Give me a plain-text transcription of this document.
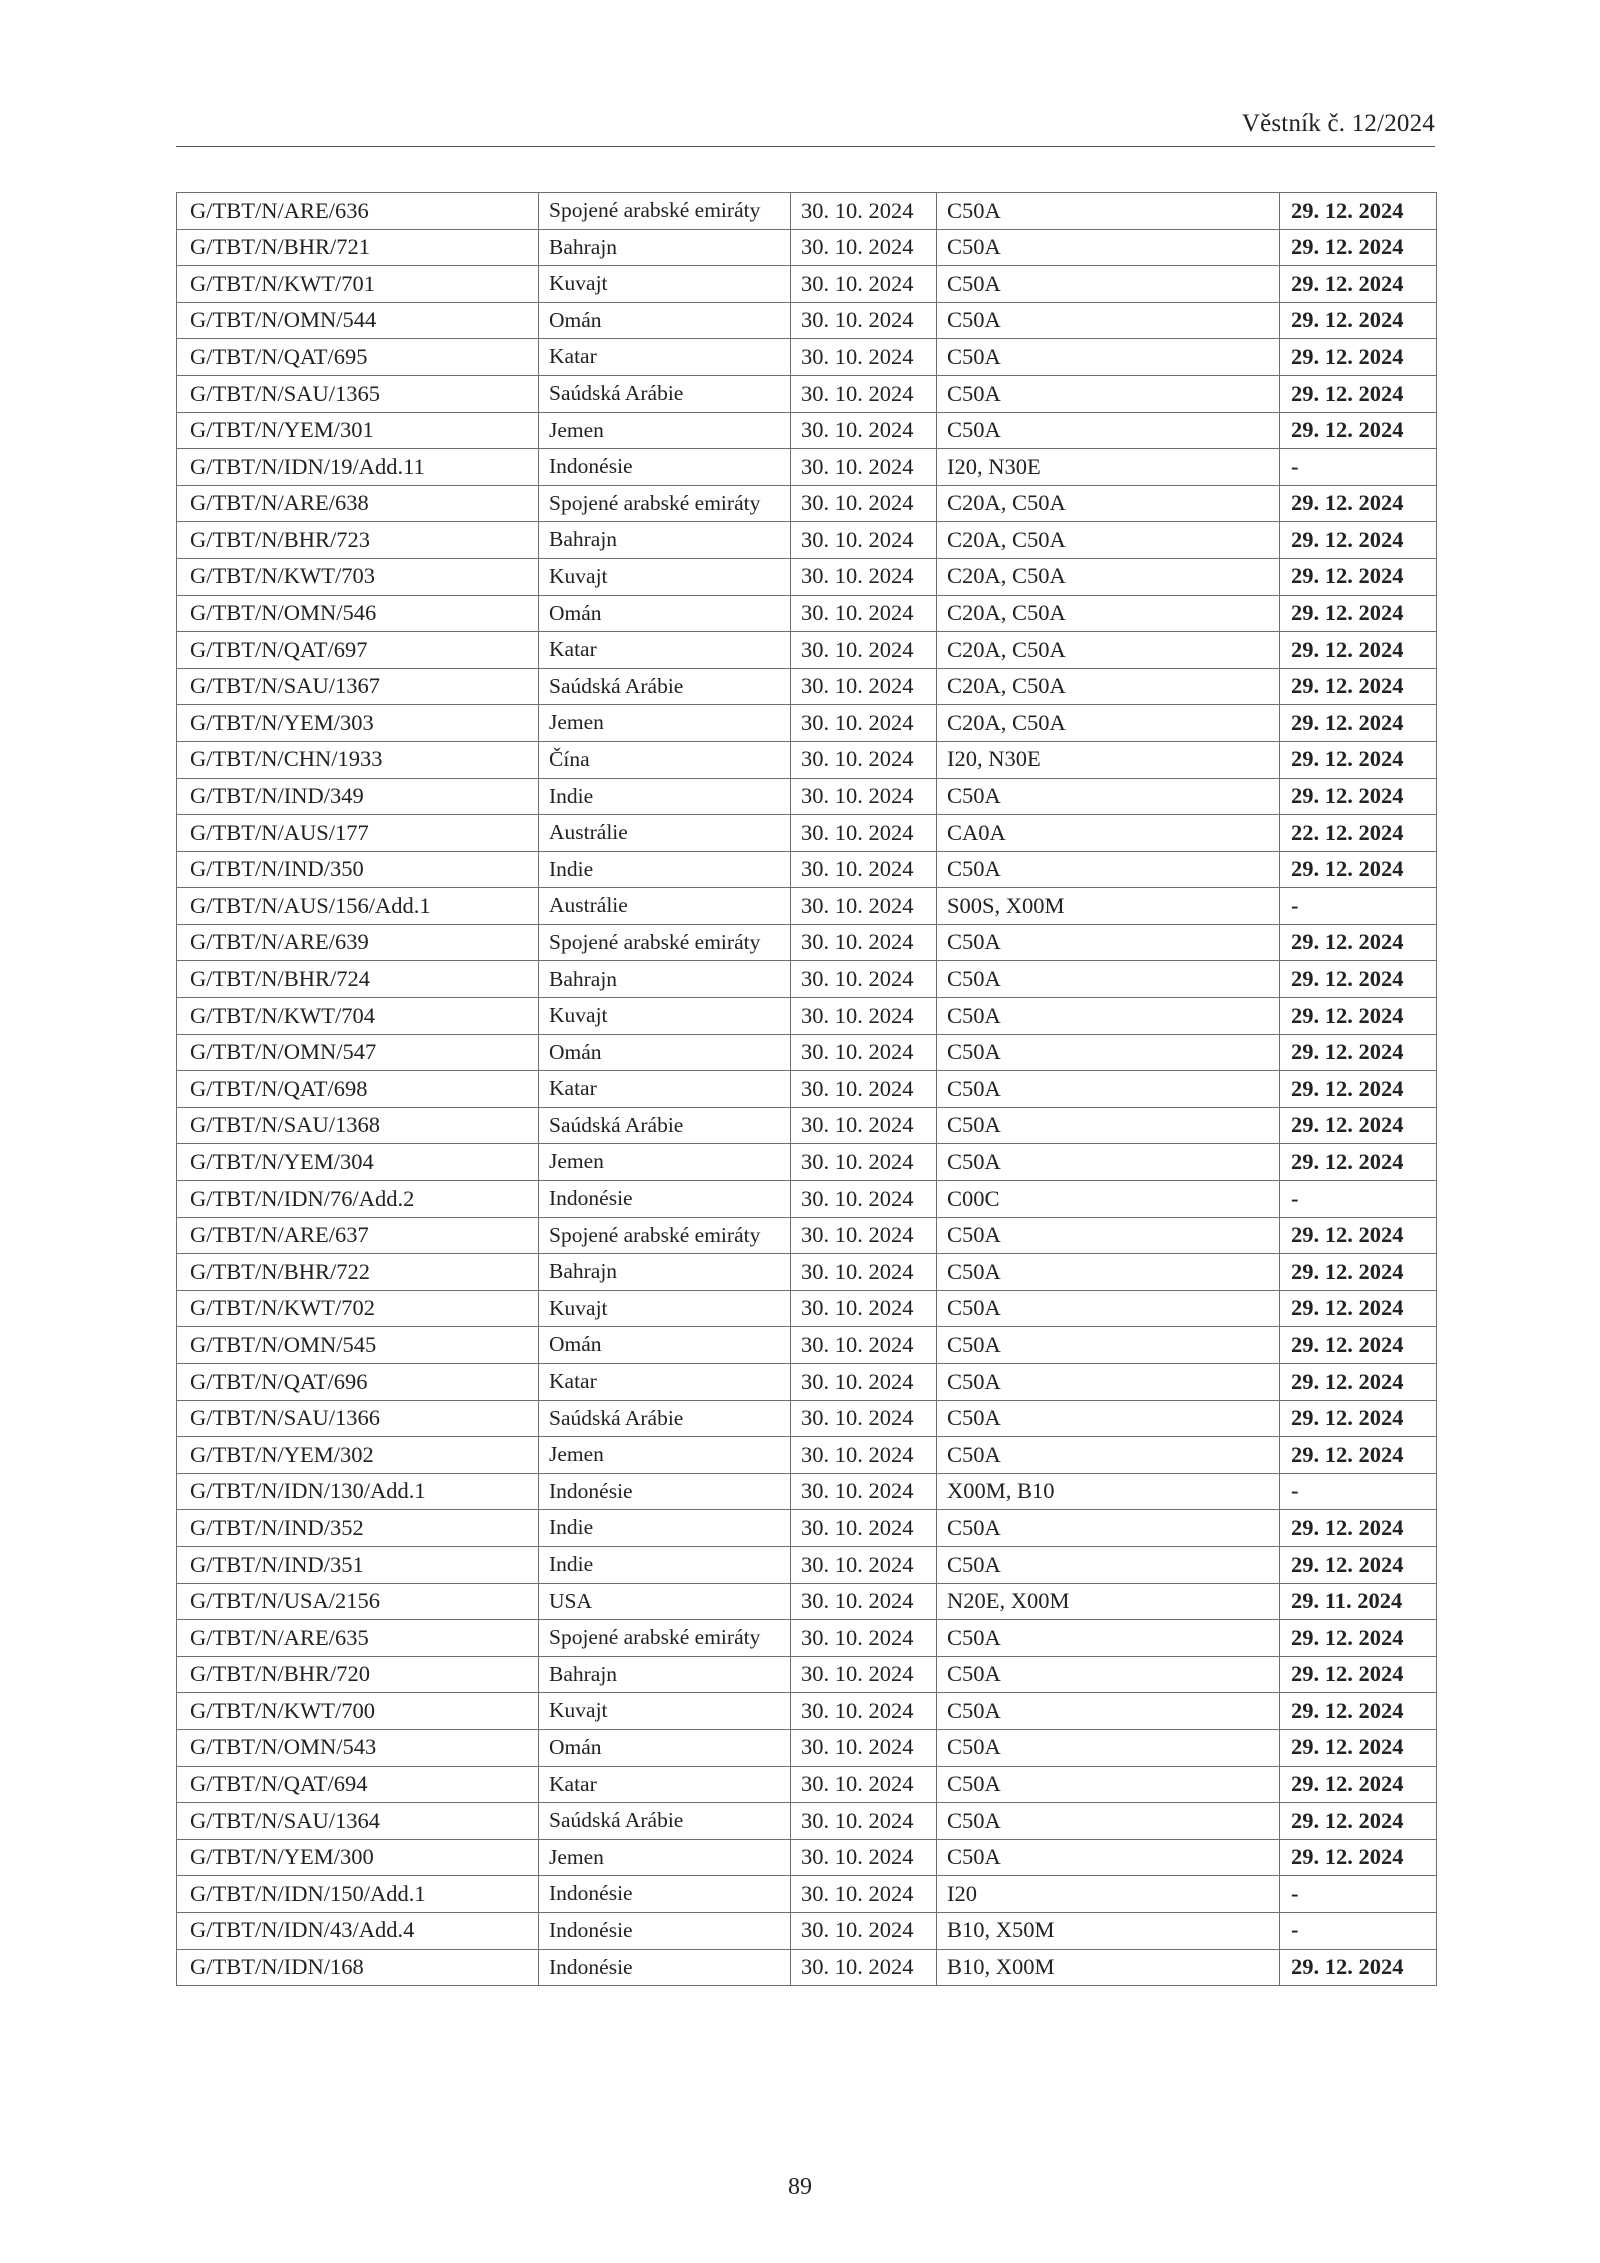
Věstník č. 12/2024
G/TBT/N/ARE/636	Spojené arabské emiráty	30. 10. 2024	C50A	29. 12. 2024
G/TBT/N/BHR/721	Bahrajn	30. 10. 2024	C50A	29. 12. 2024
G/TBT/N/KWT/701	Kuvajt	30. 10. 2024	C50A	29. 12. 2024
G/TBT/N/OMN/544	Omán	30. 10. 2024	C50A	29. 12. 2024
G/TBT/N/QAT/695	Katar	30. 10. 2024	C50A	29. 12. 2024
G/TBT/N/SAU/1365	Saúdská Arábie	30. 10. 2024	C50A	29. 12. 2024
G/TBT/N/YEM/301	Jemen	30. 10. 2024	C50A	29. 12. 2024
G/TBT/N/IDN/19/Add.11	Indonésie	30. 10. 2024	I20, N30E	-
G/TBT/N/ARE/638	Spojené arabské emiráty	30. 10. 2024	C20A, C50A	29. 12. 2024
G/TBT/N/BHR/723	Bahrajn	30. 10. 2024	C20A, C50A	29. 12. 2024
G/TBT/N/KWT/703	Kuvajt	30. 10. 2024	C20A, C50A	29. 12. 2024
G/TBT/N/OMN/546	Omán	30. 10. 2024	C20A, C50A	29. 12. 2024
G/TBT/N/QAT/697	Katar	30. 10. 2024	C20A, C50A	29. 12. 2024
G/TBT/N/SAU/1367	Saúdská Arábie	30. 10. 2024	C20A, C50A	29. 12. 2024
G/TBT/N/YEM/303	Jemen	30. 10. 2024	C20A, C50A	29. 12. 2024
G/TBT/N/CHN/1933	Čína	30. 10. 2024	I20, N30E	29. 12. 2024
G/TBT/N/IND/349	Indie	30. 10. 2024	C50A	29. 12. 2024
G/TBT/N/AUS/177	Austrálie	30. 10. 2024	CA0A	22. 12. 2024
G/TBT/N/IND/350	Indie	30. 10. 2024	C50A	29. 12. 2024
G/TBT/N/AUS/156/Add.1	Austrálie	30. 10. 2024	S00S, X00M	-
G/TBT/N/ARE/639	Spojené arabské emiráty	30. 10. 2024	C50A	29. 12. 2024
G/TBT/N/BHR/724	Bahrajn	30. 10. 2024	C50A	29. 12. 2024
G/TBT/N/KWT/704	Kuvajt	30. 10. 2024	C50A	29. 12. 2024
G/TBT/N/OMN/547	Omán	30. 10. 2024	C50A	29. 12. 2024
G/TBT/N/QAT/698	Katar	30. 10. 2024	C50A	29. 12. 2024
G/TBT/N/SAU/1368	Saúdská Arábie	30. 10. 2024	C50A	29. 12. 2024
G/TBT/N/YEM/304	Jemen	30. 10. 2024	C50A	29. 12. 2024
G/TBT/N/IDN/76/Add.2	Indonésie	30. 10. 2024	C00C	-
G/TBT/N/ARE/637	Spojené arabské emiráty	30. 10. 2024	C50A	29. 12. 2024
G/TBT/N/BHR/722	Bahrajn	30. 10. 2024	C50A	29. 12. 2024
G/TBT/N/KWT/702	Kuvajt	30. 10. 2024	C50A	29. 12. 2024
G/TBT/N/OMN/545	Omán	30. 10. 2024	C50A	29. 12. 2024
G/TBT/N/QAT/696	Katar	30. 10. 2024	C50A	29. 12. 2024
G/TBT/N/SAU/1366	Saúdská Arábie	30. 10. 2024	C50A	29. 12. 2024
G/TBT/N/YEM/302	Jemen	30. 10. 2024	C50A	29. 12. 2024
G/TBT/N/IDN/130/Add.1	Indonésie	30. 10. 2024	X00M, B10	-
G/TBT/N/IND/352	Indie	30. 10. 2024	C50A	29. 12. 2024
G/TBT/N/IND/351	Indie	30. 10. 2024	C50A	29. 12. 2024
G/TBT/N/USA/2156	USA	30. 10. 2024	N20E, X00M	29. 11. 2024
G/TBT/N/ARE/635	Spojené arabské emiráty	30. 10. 2024	C50A	29. 12. 2024
G/TBT/N/BHR/720	Bahrajn	30. 10. 2024	C50A	29. 12. 2024
G/TBT/N/KWT/700	Kuvajt	30. 10. 2024	C50A	29. 12. 2024
G/TBT/N/OMN/543	Omán	30. 10. 2024	C50A	29. 12. 2024
G/TBT/N/QAT/694	Katar	30. 10. 2024	C50A	29. 12. 2024
G/TBT/N/SAU/1364	Saúdská Arábie	30. 10. 2024	C50A	29. 12. 2024
G/TBT/N/YEM/300	Jemen	30. 10. 2024	C50A	29. 12. 2024
G/TBT/N/IDN/150/Add.1	Indonésie	30. 10. 2024	I20	-
G/TBT/N/IDN/43/Add.4	Indonésie	30. 10. 2024	B10, X50M	-
G/TBT/N/IDN/168	Indonésie	30. 10. 2024	B10, X00M	29. 12. 2024
89
